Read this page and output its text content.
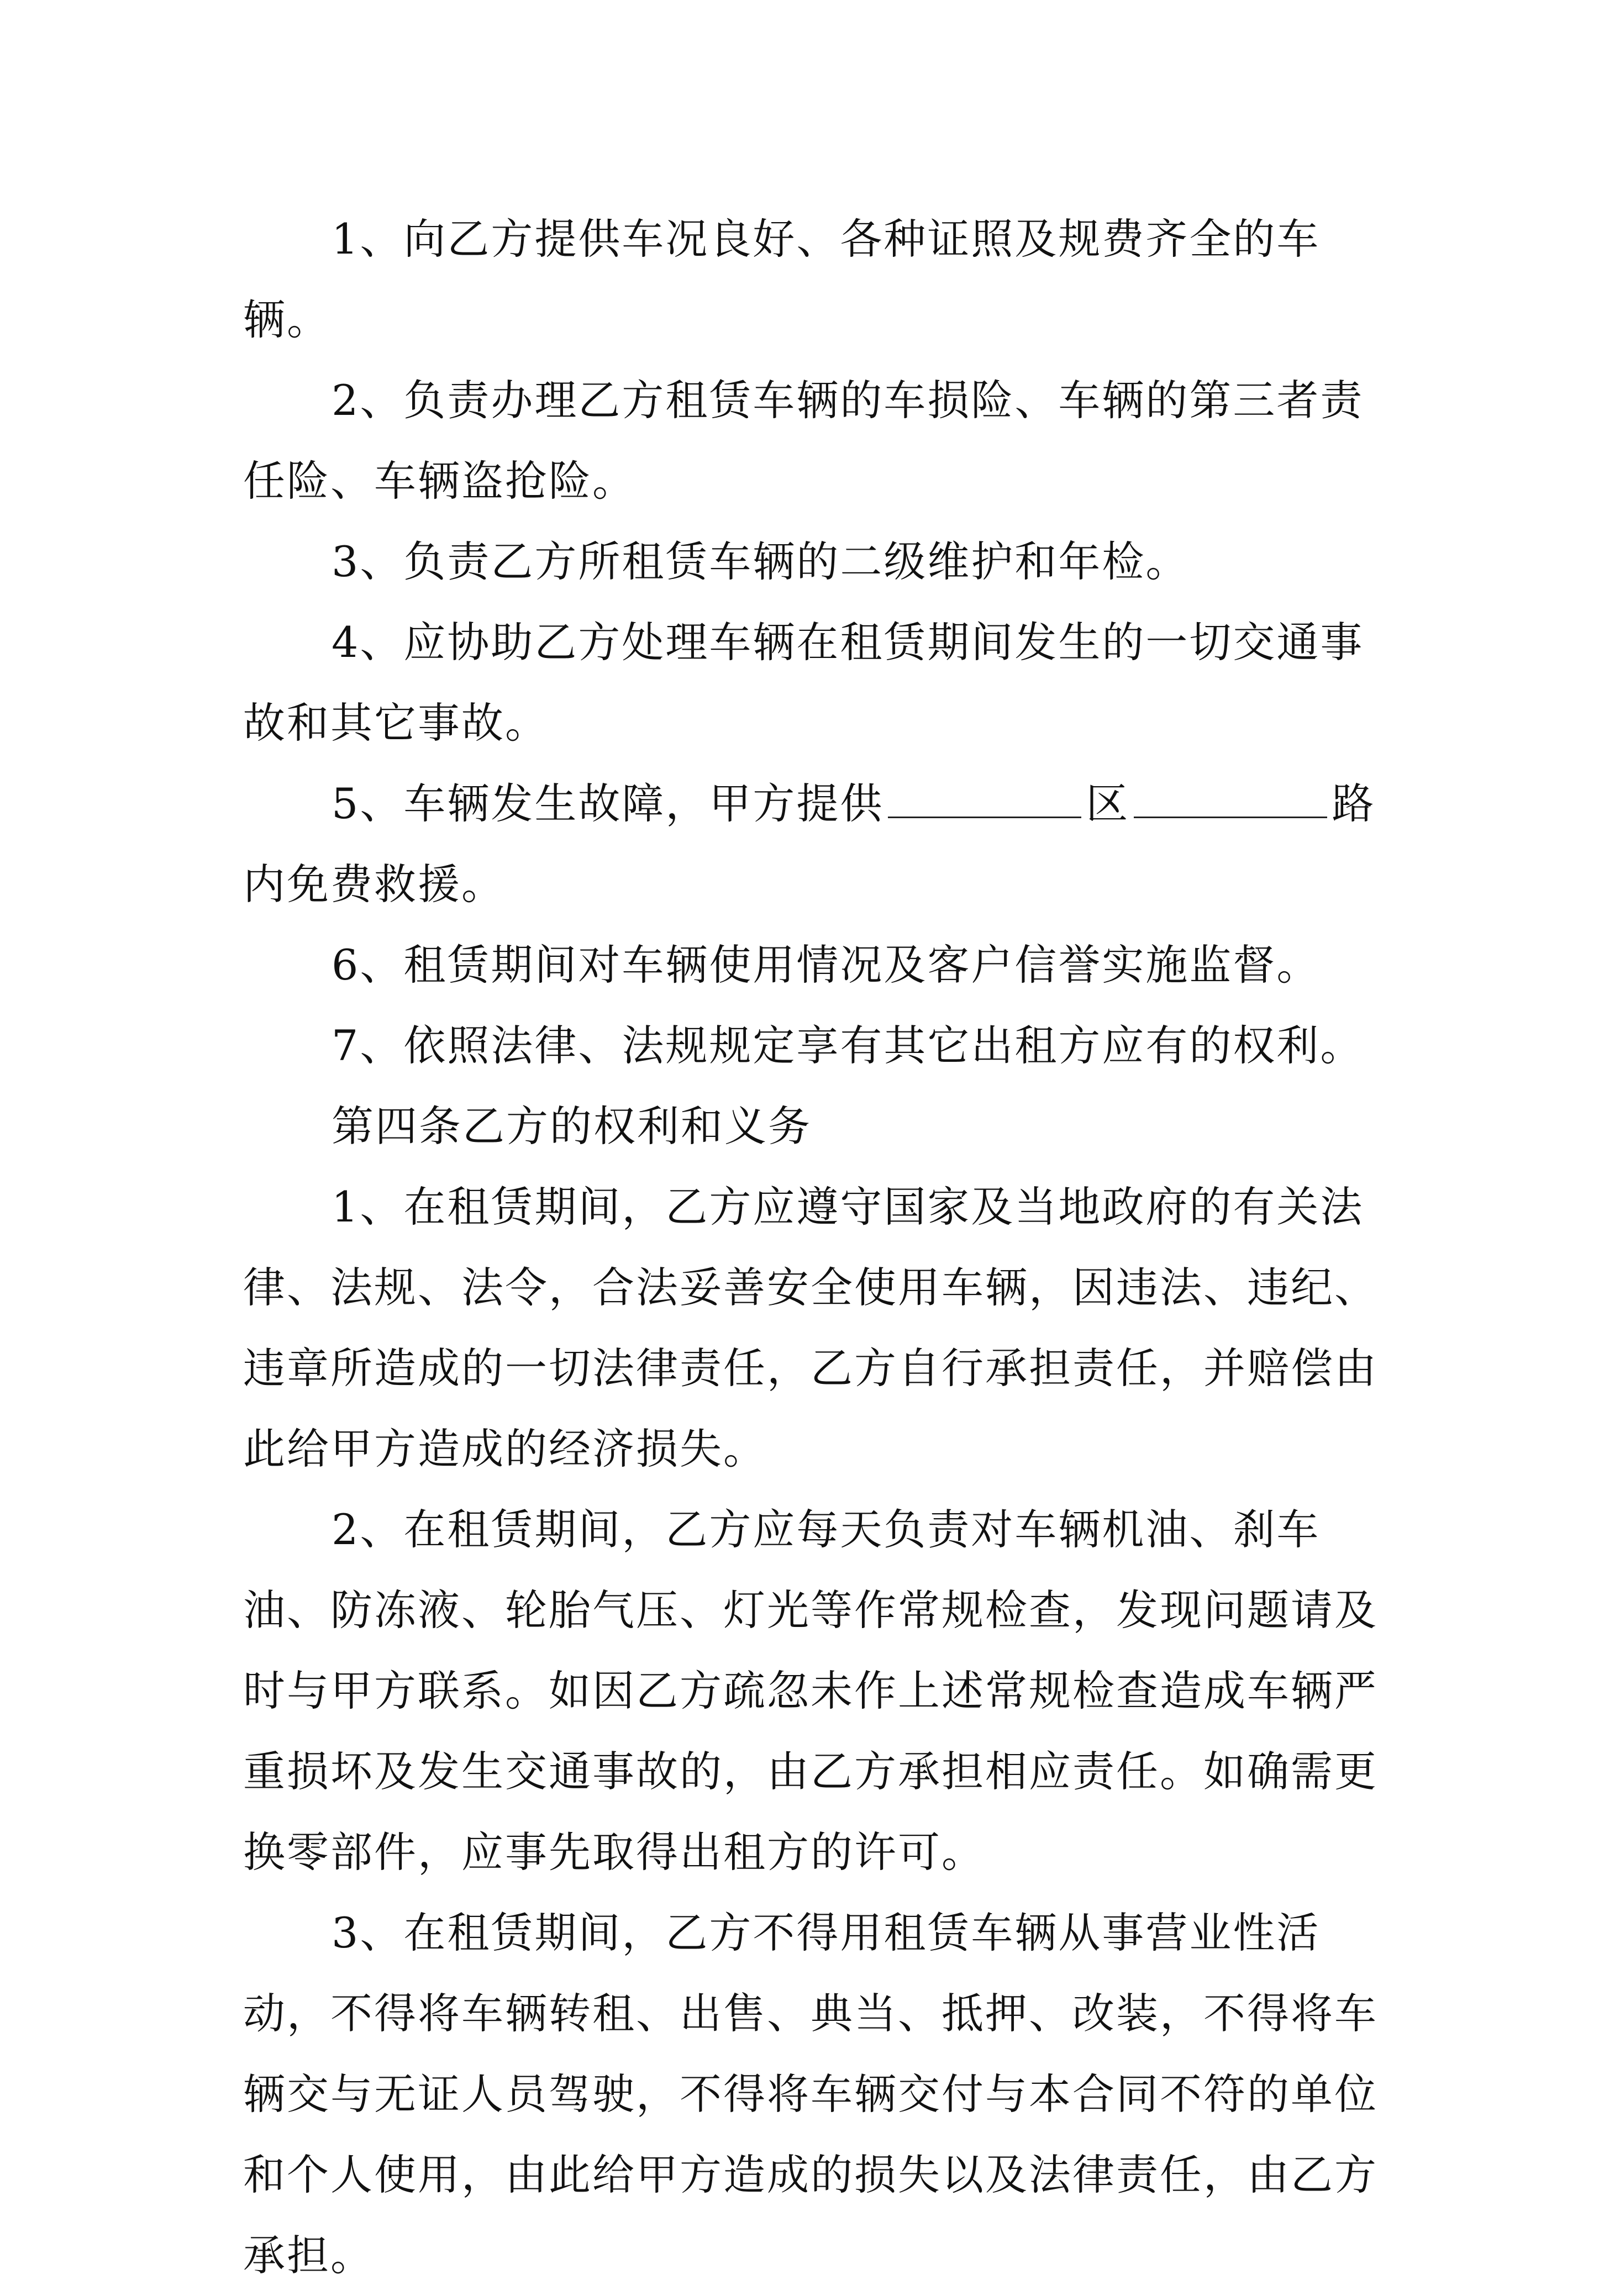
1、向乙方提供车况良好、各种证照及规费齐全的车辆。

2、负责办理乙方租赁车辆的车损险、车辆的第三者责任险、车辆盗抢险。

3、负责乙方所租赁车辆的二级维护和年检。

4、应协助乙方处理车辆在租赁期间发生的一切交通事故和其它事故。

5、车辆发生故障，甲方提供	区	路内免费救援。

6、租赁期间对车辆使用情况及客户信誉实施监督。

7、依照法律、法规规定享有其它出租方应有的权利。

第四条乙方的权利和义务

1、在租赁期间，乙方应遵守国家及当地政府的有关法律、法规、法令，合法妥善安全使用车辆，因违法、违纪、违章所造成的一切法律责任，乙方自行承担责任，并赔偿由此给甲方造成的经济损失。

2、在租赁期间，乙方应每天负责对车辆机油、刹车油、防冻液、轮胎气压、灯光等作常规检查，发现问题请及时与甲方联系。如因乙方疏忽未作上述常规检查造成车辆严重损坏及发生交通事故的，由乙方承担相应责任。如确需更换零部件，应事先取得出租方的许可。

3、在租赁期间，乙方不得用租赁车辆从事营业性活动，不得将车辆转租、出售、典当、抵押、改装，不得将车辆交与无证人员驾驶，不得将车辆交付与本合同不符的单位和个人使用，由此给甲方造成的损失以及法律责任，由乙方承担。
